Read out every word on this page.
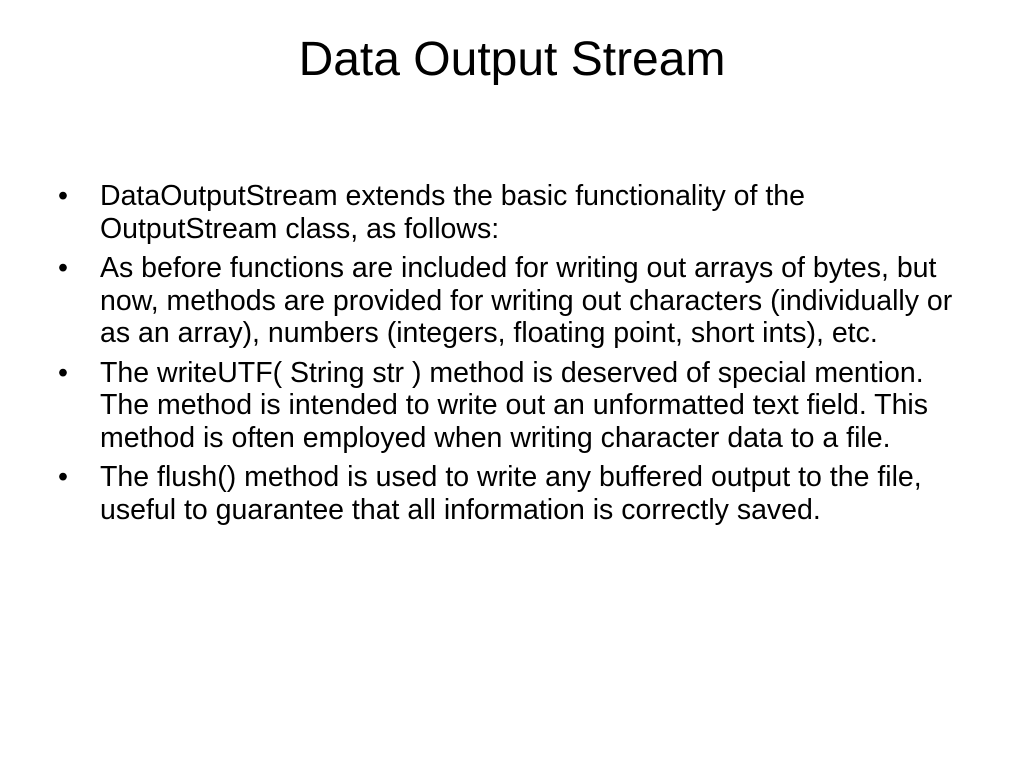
Data Output Stream
• DataOutputStream extends the basic functionality of the OutputStream class, as follows:
• As before functions are included for writing out arrays of bytes, but now, methods are provided for writing out characters (individually or as an array), numbers (integers, floating point, short ints), etc.
• The writeUTF( String str ) method is deserved of special mention. The method is intended to write out an unformatted text field. This method is often employed when writing character data to a file.
• The flush() method is used to write any buffered output to the file, useful to guarantee that all information is correctly saved.
